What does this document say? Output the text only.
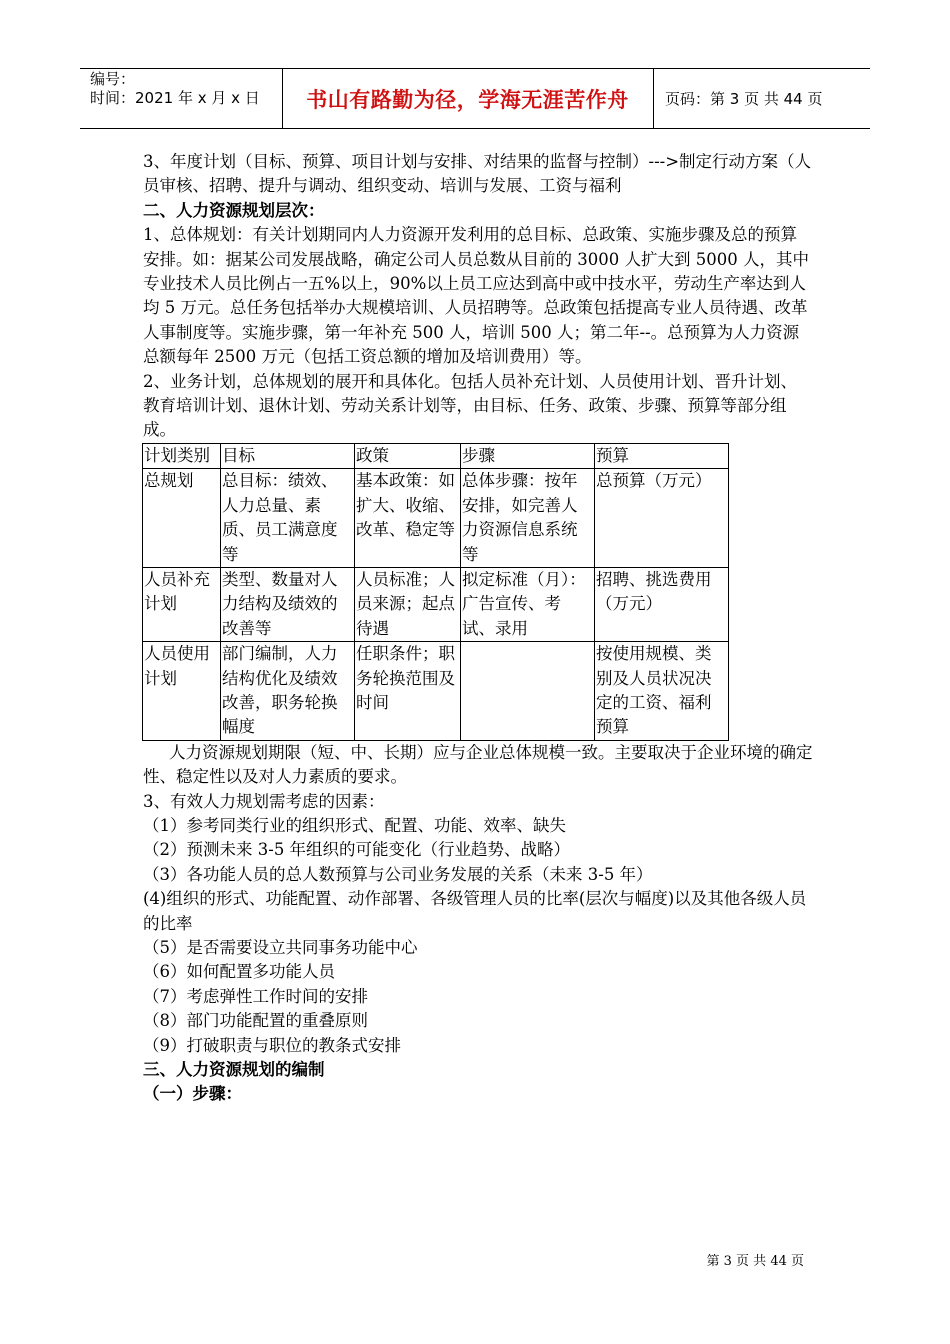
编号：
时间：2021 年 x 月 x 日	书山有路勤为径，学海无涯苦作舟	页码：第 3 页 共 44 页

3、年度计划（目标、预算、项目计划与安排、对结果的监督与控制）--->制定行动方案（人员审核、招聘、提升与调动、组织变动、培训与发展、工资与福利

二、人力资源规划层次：

1、总体规划：有关计划期同内人力资源开发利用的总目标、总政策、实施步骤及总的预算安排。如：据某公司发展战略，确定公司人员总数从目前的 3000 人扩大到 5000 人，其中专业技术人员比例占一五%以上，90%以上员工应达到高中或中技水平，劳动生产率达到人均 5 万元。总任务包括举办大规模培训、人员招聘等。总政策包括提高专业人员待遇、改革人事制度等。实施步骤，第一年补充 500 人，培训 500 人；第二年--。总预算为人力资源总额每年 2500 万元（包括工资总额的增加及培训费用）等。

2、业务计划，总体规划的展开和具体化。包括人员补充计划、人员使用计划、晋升计划、教育培训计划、退休计划、劳动关系计划等，由目标、任务、政策、步骤、预算等部分组成。

计划类别	目标	政策	步骤	预算
总规划	总目标：绩效、人力总量、素质、员工满意度等	基本政策：如扩大、收缩、改革、稳定等	总体步骤：按年安排，如完善人力资源信息系统等	总预算（万元）
人员补充计划	类型、数量对人力结构及绩效的改善等	人员标准；人员来源；起点待遇	拟定标准（月）：广告宣传、考试、录用	招聘、挑选费用（万元）
人员使用计划	部门编制，人力结构优化及绩效改善，职务轮换幅度	任职条件；职务轮换范围及时间		按使用规模、类别及人员状况决定的工资、福利预算

人力资源规划期限（短、中、长期）应与企业总体规模一致。主要取决于企业环境的确定性、稳定性以及对人力素质的要求。

3、有效人力规划需考虑的因素：

（1）参考同类行业的组织形式、配置、功能、效率、缺失

（2）预测未来 3-5 年组织的可能变化（行业趋势、战略）

（3）各功能人员的总人数预算与公司业务发展的关系（未来 3-5 年）

(4)组织的形式、功能配置、动作部署、各级管理人员的比率(层次与幅度)以及其他各级人员的比率

（5）是否需要设立共同事务功能中心

（6）如何配置多功能人员

（7）考虑弹性工作时间的安排

（8）部门功能配置的重叠原则

（9）打破职责与职位的教条式安排

三、人力资源规划的编制

（一）步骤：

第 3 页 共 44 页
